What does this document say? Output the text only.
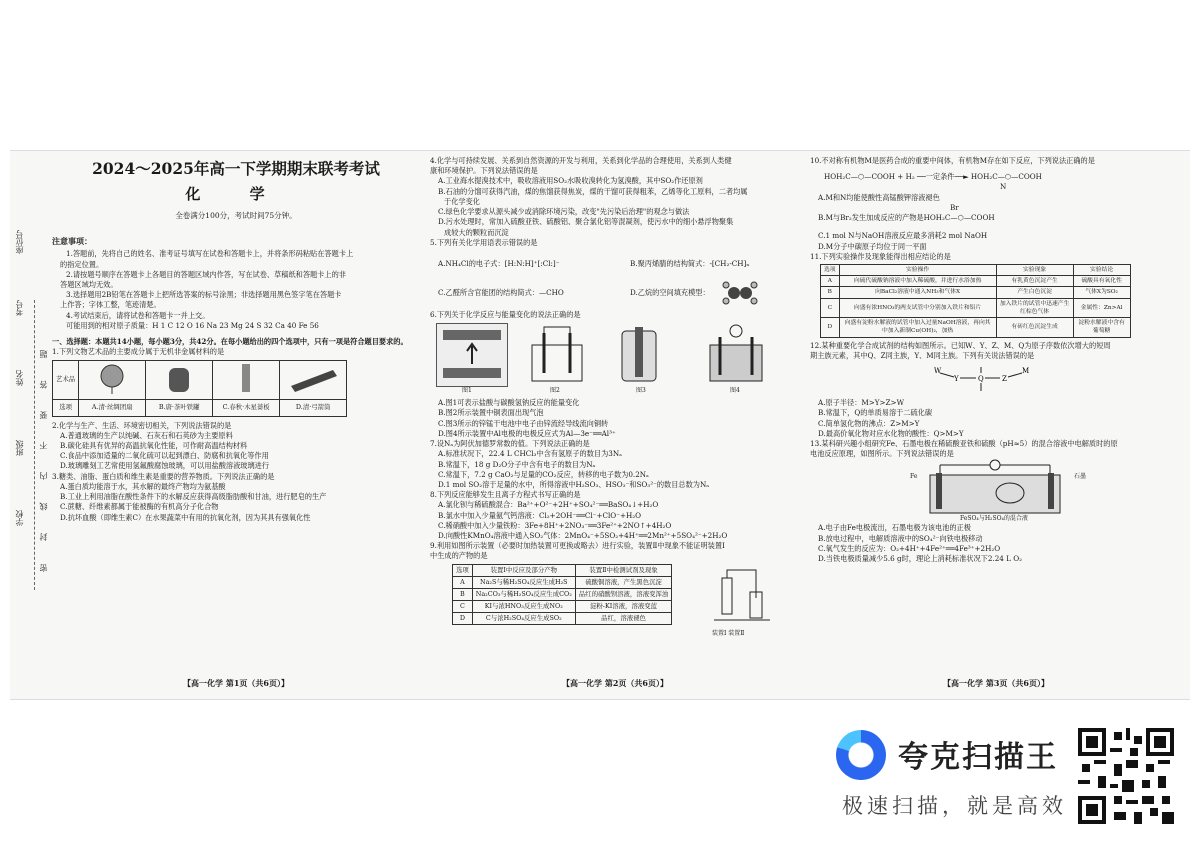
学校
班级
姓名
考号
座位号
密 封 线 内 不 要 答 题
2024～2025年高一下学期期末联考考试
化 学
全卷满分100分，考试时间75分钟。
注意事项：

1.答题前，先将自己的姓名、准考证号填写在试卷和答题卡上，并将条形码粘贴在答题卡上

的指定位置。

2.请按题号顺序在答题卡上各题目的答题区域内作答，写在试卷、草稿纸和答题卡上的非

答题区域均无效。

3.选择题用2B铅笔在答题卡上把所选答案的标号涂黑；非选择题用黑色签字笔在答题卡

上作答；字体工整，笔迹清楚。

4.考试结束后，请将试卷和答题卡一并上交。

可能用到的相对原子质量：H 1 C 12 O 16 Na 23 Mg 24 S 32 Ca 40 Fe 56

一、选择题：本题共14小题，每小题3分，共42分。在每小题给出的四个选项中，只有一项是符合题目要求的。

1.下列文物艺术品的主要成分属于无机非金属材料的是

艺术品				
选项	A.清·丝绸团扇	B.唐·茶叶铁罐	C.春秋·木星蔷板	D.清·弓箭筒

2.化学与生产、生活、环境密切相关，下列说法错误的是

A.普通玻璃的生产以纯碱、石灰石和石英砂为主要原料

B.碳化硅具有优异的高温抗氧化性能，可作耐高温结构材料

C.食品中添加适量的二氧化硫可以起到漂白、防腐和抗氧化等作用

D.玻璃雕刻工艺常使用氢氟酸腐蚀玻璃，可以用盐酸溶液玻璃进行

3.糖类、油脂、蛋白质和维生素是重要的营养物质。下列说法正确的是

A.蛋白质均能溶于水，其水解的最终产物均为氨基酸

B.工业上利用油脂在酸性条件下的水解反应获得高级脂肪酸和甘油，进行肥皂的生产

C.蔗糖、纤维素都属于能被酶的有机高分子化合物

D.抗坏血酸（即维生素C）在水果蔬菜中有用的抗氧化剂，因为其具有强氧化性

【高一化学 第1页（共6页）】

4.化学与可持续发展、关系到自然资源的开发与利用，关系到化学品的合理使用，关系到人类健

康和环境保护。下列说法错误的是

A.工业海水提溴技术中，吸收溶液用SO₂水吸收溴转化为氢溴酸，其中SO₂作还原剂

B.石油的分馏可获得汽油，煤的焦馏获得焦炭，煤的干馏可获得粗苯，乙烯等化工原料，二者均属

于化学变化

C.绿色化学要求从源头减少或消除环境污染，改变"先污染后治理"的观念与做法

D.污水处理时，常加入硫酸亚铁、硫酸铝、聚合氯化铝等混凝剂，使污水中的细小悬浮物聚集

成较大的颗粒而沉淀

5.下列有关化学用语表示错误的是

A.NH₄Cl的电子式：[H:N:H]⁺[:Cl:]⁻	B.聚丙烯腈的结构简式：-[CH₂-CH]ₙ
C.乙醛所含官能团的结构简式：—CHO	D.乙烷的空间填充模型：

6.下列关于化学反应与能量变化的说法正确的是

图1	图2	图3	图4

A.图1可表示盐酸与碳酸氢钠反应的能量变化

B.图2所示装置中铜表面出现气泡

C.图3所示的锌锰干电池中电子由锌流经导线流向铜转

D.图4所示装置中Al电极的电极反应式为Al—3e⁻══Al³⁺

7.设Nₐ为阿伏加德罗常数的值。下列说法正确的是

A.标准状况下，22.4 L CHCl₃中含有氢原子的数目为3Nₐ

B.常温下，18 g D₂O分子中含有电子的数目为Nₐ

C.常温下，7.2 g CaO₂与足量的CO₂反应，转移的电子数为0.2Nₐ

D.1 mol SO₂溶于足量的水中，所得溶液中H₂SO₃、HSO₃⁻和SO₃²⁻的数目总数为Nₐ

8.下列反应能够发生且离子方程式书写正确的是

A.氯化钡与稀硫酸混合：Ba²⁺+O²⁻+2H⁺+SO₄²⁻══BaSO₄↓+H₂O

B.氯水中加入少量氨气钙溶液：Cl₂+2OH⁻══Cl⁻+ClO⁻+H₂O

C.稀硝酸中加入少量铁粉：3Fe+8H⁺+2NO₃⁻══3Fe²⁺+2NO↑+4H₂O

D.向酸性KMnO₄溶液中通入SO₂气体：2MnO₄⁻+5SO₂+4H⁺══2Mn²⁺+5SO₄²⁻+2H₂O

9.利用如图所示装置（必要时加热装置可更换或略去）进行实验，装置Ⅱ中现象不能证明装置Ⅰ

中生成的产物的是

选项	装置Ⅰ中反应及部分产物	装置Ⅱ中检测试剂及现象
A	Na₂S与稀H₂SO₄反应生成H₂S	硫酸铜溶液，产生黑色沉淀
B	Na₂CO₃与稀H₂SO₄反应生成CO₂	品红的硝酸钡溶液，溶液变浑浊
C	KI与浓HNO₃反应生成NO₂	淀粉-KI溶液，溶液变蓝
D	C与浓H₂SO₄反应生成SO₂	品红，溶液褪色
装置Ⅰ 装置Ⅱ
【高一化学 第2页（共6页）】

10.不对称有机物M是医药合成的重要中间体，有机物M存在如下反应，下列说法正确的是

HOH₂C—⬡—COOH + H₂ ──一定条件──► HOH₂C—⬡—COOH

N

A.M和N均能使酸性高锰酸钾溶液褪色

Br

B.M与Br₂发生加成反应的产物是HOH₂C—⬡—COOH

C.1 mol N与NaOH溶液反应最多消耗2 mol NaOH

D.M分子中碳原子均位于同一平面

11.下列实验操作及现象能得出相应结论的是

选项	实验操作	实验现象	实验结论
A	向硫代硫酸钠溶液中加入稀硫酸，并进行水浴加热	有乳黄色沉淀产生	硫酸具有氧化性
B	向BaCl₂溶液中通入NH₃和气体X	产生白色沉淀	气体X为SO₂
C	向盛有浓HNO₃的两支试管中分别加入铁片和铝片	加入铁片的试管中迅速产生红棕色气体	金属性：Zn>Al
D	向盛有淀粉水解液的试管中加入过量NaOH溶液，再向其中加入新制Cu(OH)₂，加热	有砖红色沉淀生成	淀粉水解液中含有葡萄糖

12.某种重要化学合成试剂的结构如图所示。已知W、Y、Z、M、Q为原子序数依次增大的短周

期主族元素，其中Q、Z同主族，Y、M同主族。下列有关说法错误的是

W
Y	Q	Z
M

A.原子半径：M>Y>Z>W

B.常温下，Q的单质易溶于二硫化碳

C.简单氢化物的沸点：Z>M>Y

D.最高价氧化物对应水化物的酸性：Q>M>Y

13.某科研兴趣小组研究Fe、石墨电极在稀硫酸亚铁和硫酸（pH≈5）的混合溶液中电解质时的原

电池反应原理，如图所示。下列说法错误的是

Fe	石墨
FeSO₄与H₂SO₄的混合液

A.电子由Fe电极流出，石墨电极为该电池的正极

B.放电过程中，电解质溶液中的SO₄²⁻向铁电极移动

C.氧气发生的反应为：O₂+4H⁺+4Fe²⁺══4Fe³⁺+2H₂O

D.当铁电极质量减少5.6 g时，理论上消耗标准状况下2.24 L O₂

【高一化学 第3页（共6页）】
夸克扫描王
极速扫描，就是高效
